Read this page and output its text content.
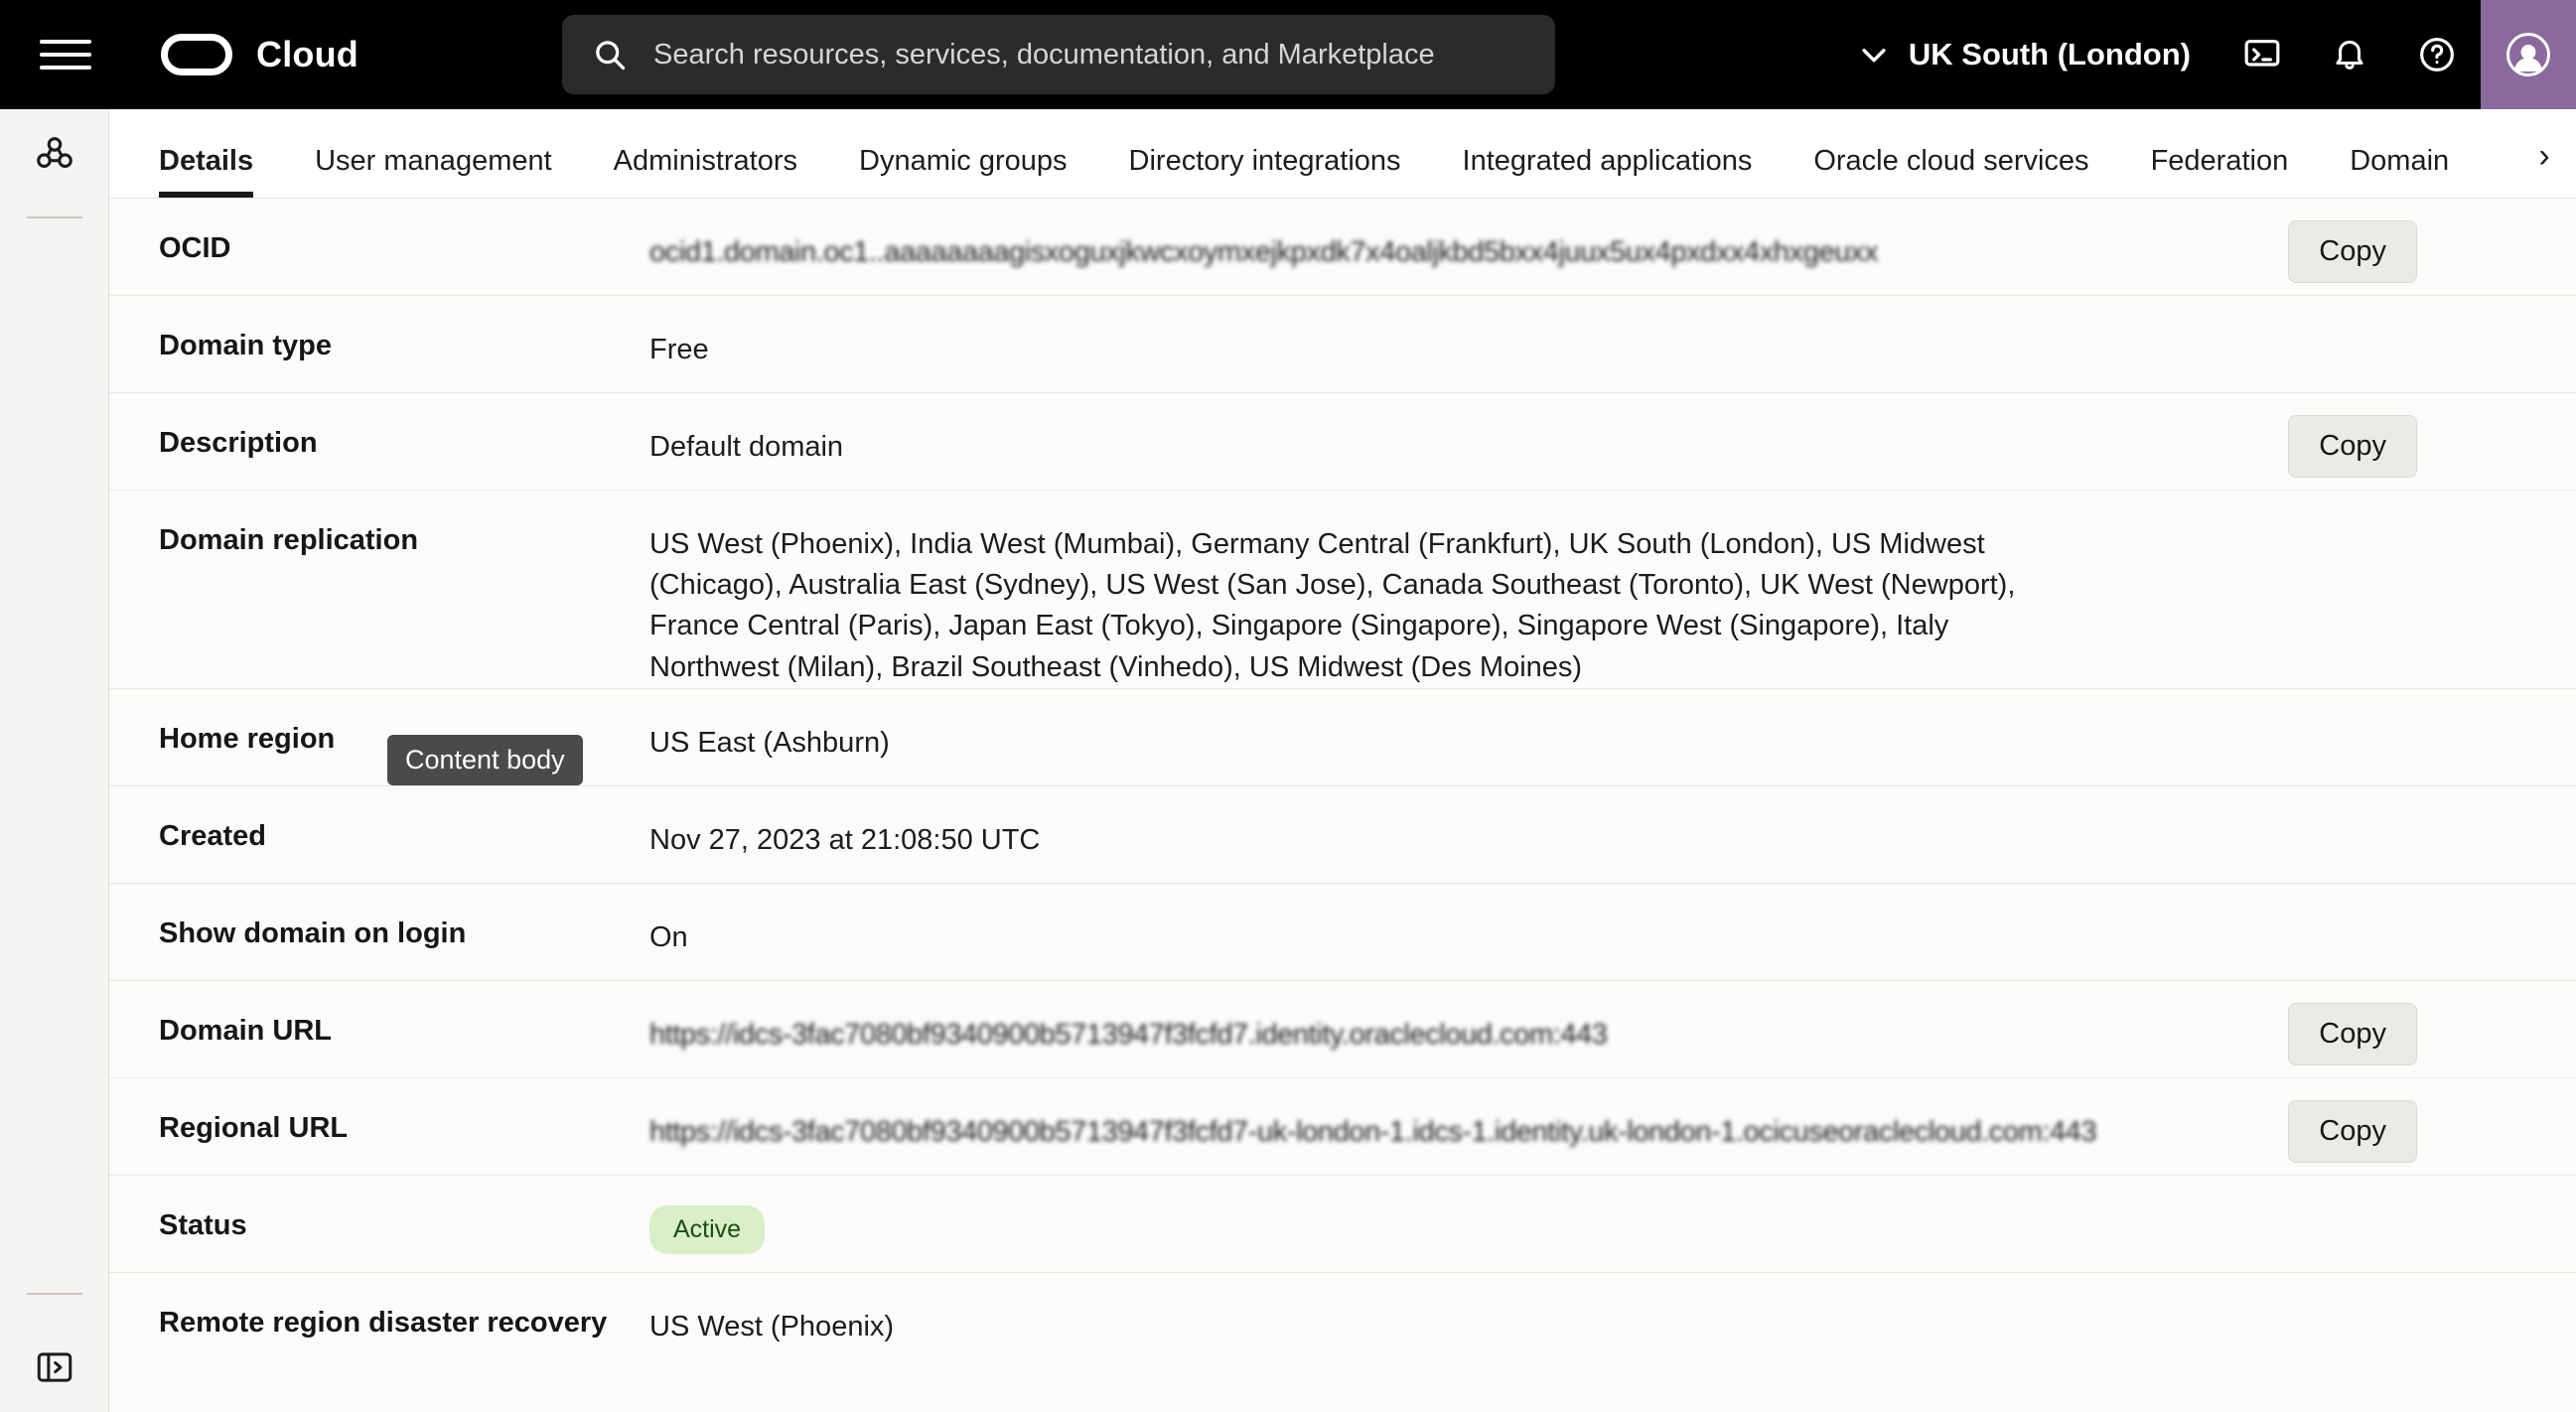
Cloud
Search resources, services, documentation, and Marketplace	UK South (London)
Details User management Administrators Dynamic groups Directory integrations Integrated applications Oracle cloud services Federation Domain	›
OCID	ocid1.domain.oc1..aaaaaaaagisxoguxjkwcxoymxejkpxdk7x4oaljkbd5bxx4juux5ux4pxdxx4xhxgeuxx	Copy
Domain type	Free
Description	Default domain	Copy
Domain replication	US West (Phoenix), India West (Mumbai), Germany Central (Frankfurt), UK South (London), US Midwest (Chicago), Australia East (Sydney), US West (San Jose), Canada Southeast (Toronto), UK West (Newport), France Central (Paris), Japan East (Tokyo), Singapore (Singapore), Singapore West (Singapore), Italy Northwest (Milan), Brazil Southeast (Vinhedo), US Midwest (Des Moines)
Home region	US East (Ashburn)
Created	Nov 27, 2023 at 21:08:50 UTC
Show domain on login	On
Domain URL	https://idcs-3fac7080bf9340900b5713947f3fcfd7.identity.oraclecloud.com:443	Copy
Regional URL	https://idcs-3fac7080bf9340900b5713947f3fcfd7-uk-london-1.idcs-1.identity.uk-london-1.ocicuseoraclecloud.com:443	Copy
Status	Active
Remote region disaster recovery	US West (Phoenix)
Content body
